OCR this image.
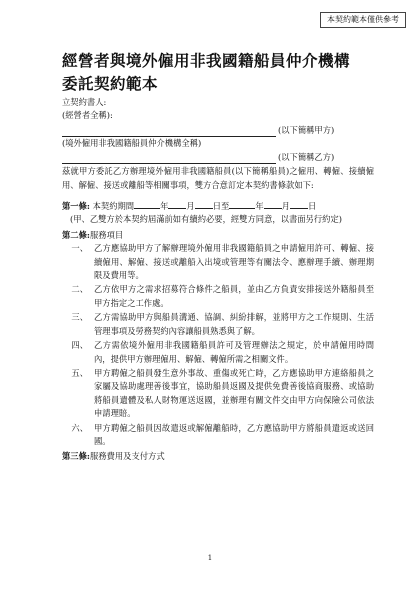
本契約範本僅供參考
經營者與境外僱用非我國籍船員仲介機構
委託契約範本
立契約書人:
(經營者全稱):
(以下簡稱甲方)
(境外僱用非我國籍船員仲介機構全稱)
(以下簡稱乙方)
茲就甲方委託乙方辦理境外僱用非我國籍船員(以下簡稱船員)之僱用、轉僱、接續僱用、解僱、接送或離船等相關事項，雙方合意訂定本契約書條款如下:
第一條: 本契約期間	年 月 日至	年 月 日
(甲、乙雙方於本契約屆滿前如有續約必要，經雙方同意，以書面另行約定)
第二條:服務項目
一、 乙方應協助甲方了解辦理境外僱用非我國籍船員之申請僱用許可、轉僱、接續僱用、解僱、接送或離船入出境或管理等有關法令、應辦理手續、辦理期限及費用等。
二、 乙方依甲方之需求招募符合條件之船員，並由乙方負責安排接送外籍船員至甲方指定之工作處。
三、 乙方需協助甲方與船員溝通、協調、糾紛排解，並將甲方之工作規則、生活管理事項及勞務契約內容讓船員熟悉與了解。
四、 乙方需依境外僱用非我國籍船員許可及管理辦法之規定，於申請僱用時間內，提供甲方辦理僱用、解僱、轉僱所需之相關文件。
五、 甲方聘僱之船員發生意外事故、重傷或死亡時，乙方應協助甲方連絡船員之家屬及協助處理善後事宜，協助船員返國及提供免費善後協商服務、或協助將船員遺體及私人財物運送返國，並辦理有關文件交由甲方向保險公司依法申請理賠。
六、 甲方聘僱之船員因故遣返或解僱離船時，乙方應協助甲方將船員遣返或送回國。
第三條:服務費用及支付方式
1
